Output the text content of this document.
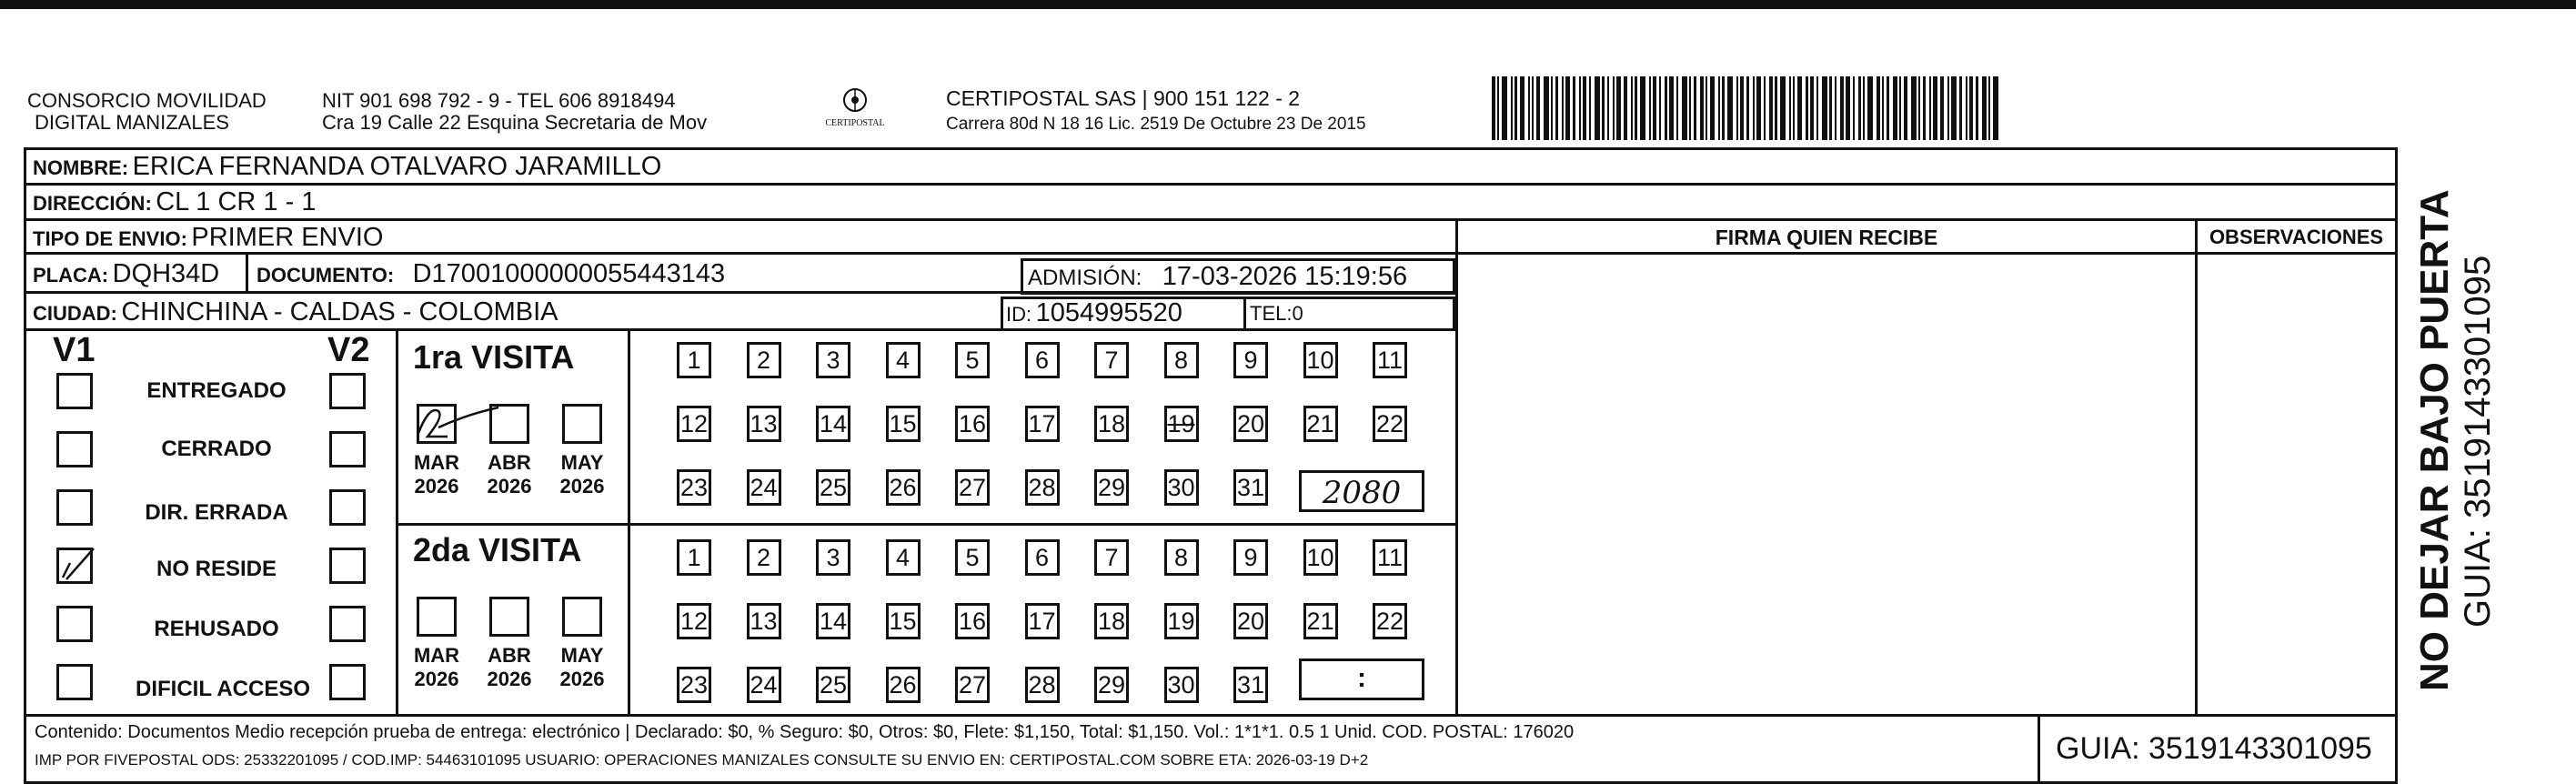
CONSORCIO MOVILIDAD
DIGITAL MANIZALES
NIT 901 698 792 - 9 - TEL 606 8918494
Cra 19 Calle 22 Esquina Secretaria de Mov	CERTIPOSTAL
CERTIPOSTAL SAS | 900 151 122 - 2
Carrera 80d N 18 16 Lic. 2519 De Octubre 23 De 2015
NOMBRE: ERICA FERNANDA OTALVARO JARAMILLO
DIRECCIÓN: CL 1 CR 1 - 1
TIPO DE ENVIO: PRIMER ENVIO	FIRMA QUIEN RECIBE	OBSERVACIONES
PLACA: DQH34D DOCUMENTO: D17001000000055443143	ADMISIÓN: 17-03-2026 15:19:56
CIUDAD: CHINCHINA - CALDAS - COLOMBIA	ID: 1054995520	TEL:0
V1	V2
ENTREGADO
CERRADO
DIR. ERRADA
NO RESIDE
REHUSADO
DIFICIL ACCESO
1ra VISITA
2da VISITA
MAR
2026
ABR
2026
MAY
2026
MAR
2026
ABR
2026
MAY
2026
1	2	3	4	5	6	7	8	9	10 11
12 13 14 15 16 17 18 19 20 21 22
23 24 25 26 27 28 29 30 31
1	2	3	4	5	6	7	8	9	10 11
12 13 14 15 16 17 18 19 20 21 22
23 24 25 26 27 28 29 30 31
2080
:
Contenido: Documentos Medio recepción prueba de entrega: electrónico | Declarado: $0, % Seguro: $0, Otros: $0, Flete: $1,150, Total: $1,150. Vol.: 1*1*1. 0.5 1 Unid. COD. POSTAL: 176020
IMP POR FIVEPOSTAL ODS: 25332201095 / COD.IMP: 54463101095 USUARIO: OPERACIONES MANIZALES CONSULTE SU ENVIO EN: CERTIPOSTAL.COM SOBRE ETA: 2026-03-19 D+2	GUIA: 3519143301095
NO DEJAR BAJO PUERTA GUIA: 3519143301095
